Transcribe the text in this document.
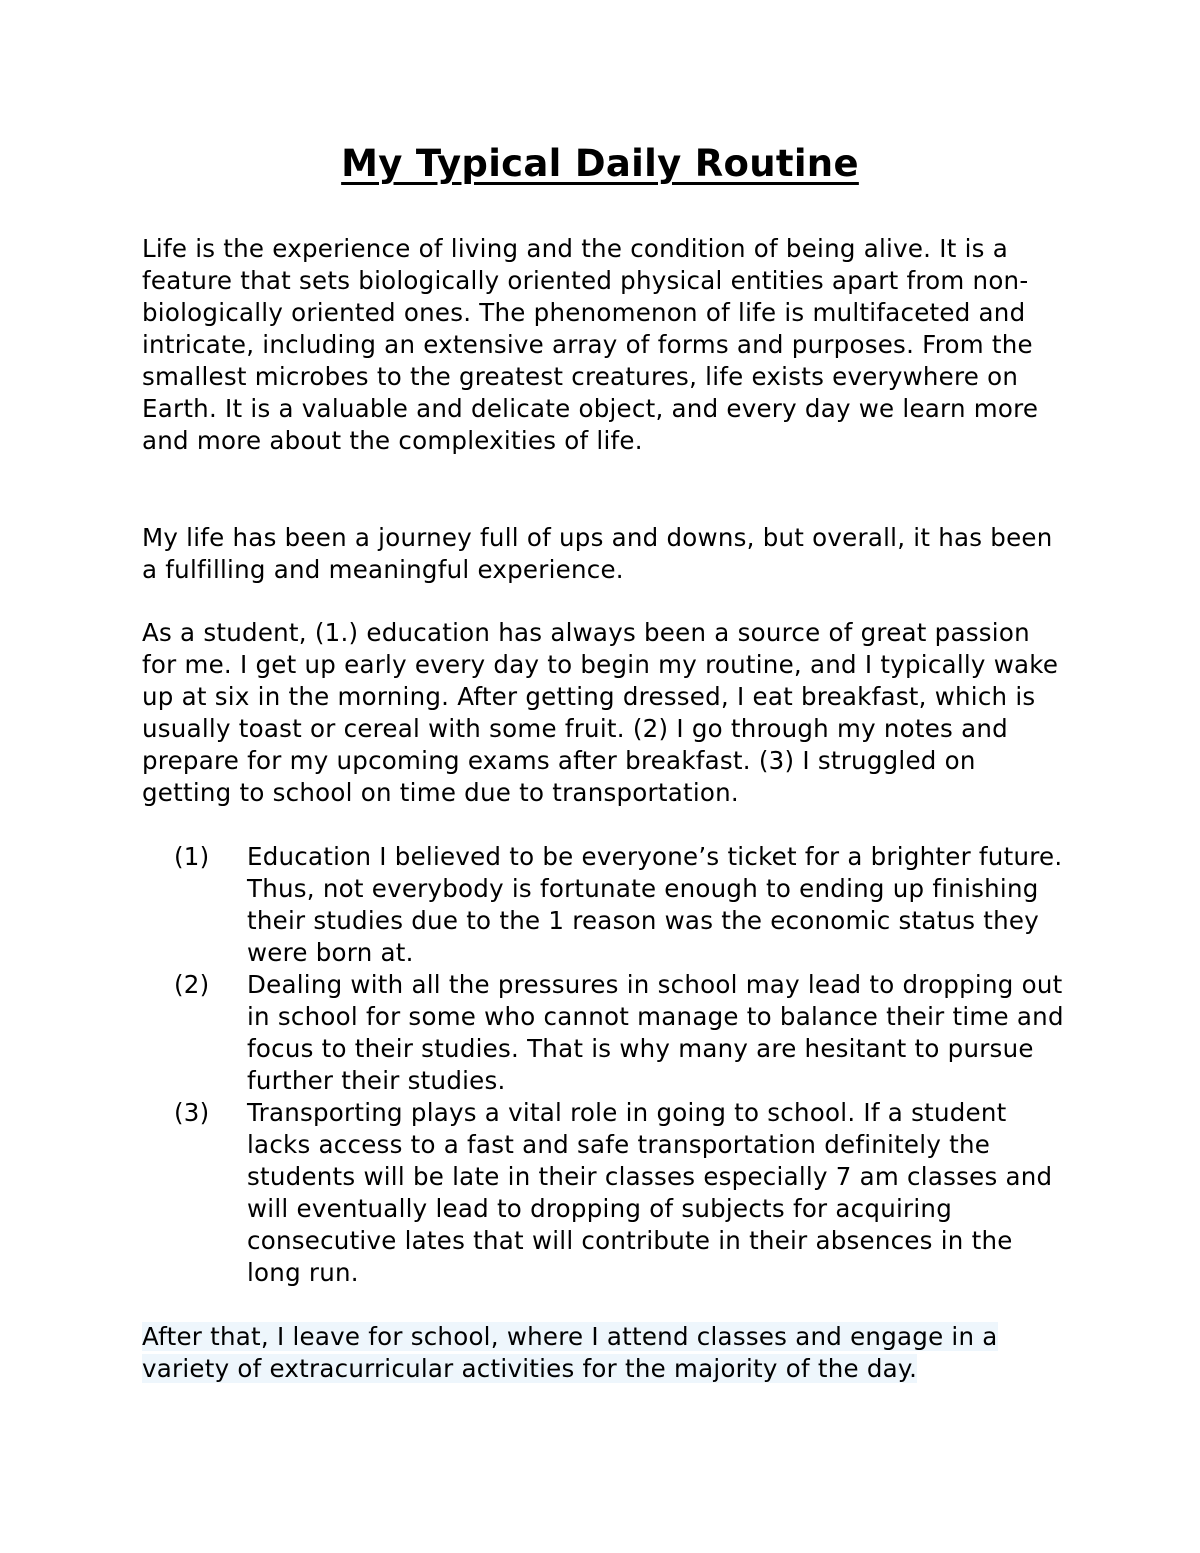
My Typical Daily Routine

Life is the experience of living and the condition of being alive. It is a feature that sets biologically oriented physical entities apart from non-biologically oriented ones. The phenomenon of life is multifaceted and intricate, including an extensive array of forms and purposes. From the smallest microbes to the greatest creatures, life exists everywhere on Earth. It is a valuable and delicate object, and every day we learn more and more about the complexities of life.

My life has been a journey full of ups and downs, but overall, it has been a fulfilling and meaningful experience.

As a student, (1.) education has always been a source of great passion for me. I get up early every day to begin my routine, and I typically wake up at six in the morning. After getting dressed, I eat breakfast, which is usually toast or cereal with some fruit. (2) I go through my notes and prepare for my upcoming exams after breakfast. (3) I struggled on getting to school on time due to transportation.

(1) Education I believed to be everyone’s ticket for a brighter future. Thus, not everybody is fortunate enough to ending up finishing their studies due to the 1 reason was the economic status they were born at.
(2) Dealing with all the pressures in school may lead to dropping out in school for some who cannot manage to balance their time and focus to their studies. That is why many are hesitant to pursue further their studies.
(3) Transporting plays a vital role in going to school. If a student lacks access to a fast and safe transportation definitely the students will be late in their classes especially 7 am classes and will eventually lead to dropping of subjects for acquiring consecutive lates that will contribute in their absences in the long run.

After that, I leave for school, where I attend classes and engage in a variety of extracurricular activities for the majority of the day.
